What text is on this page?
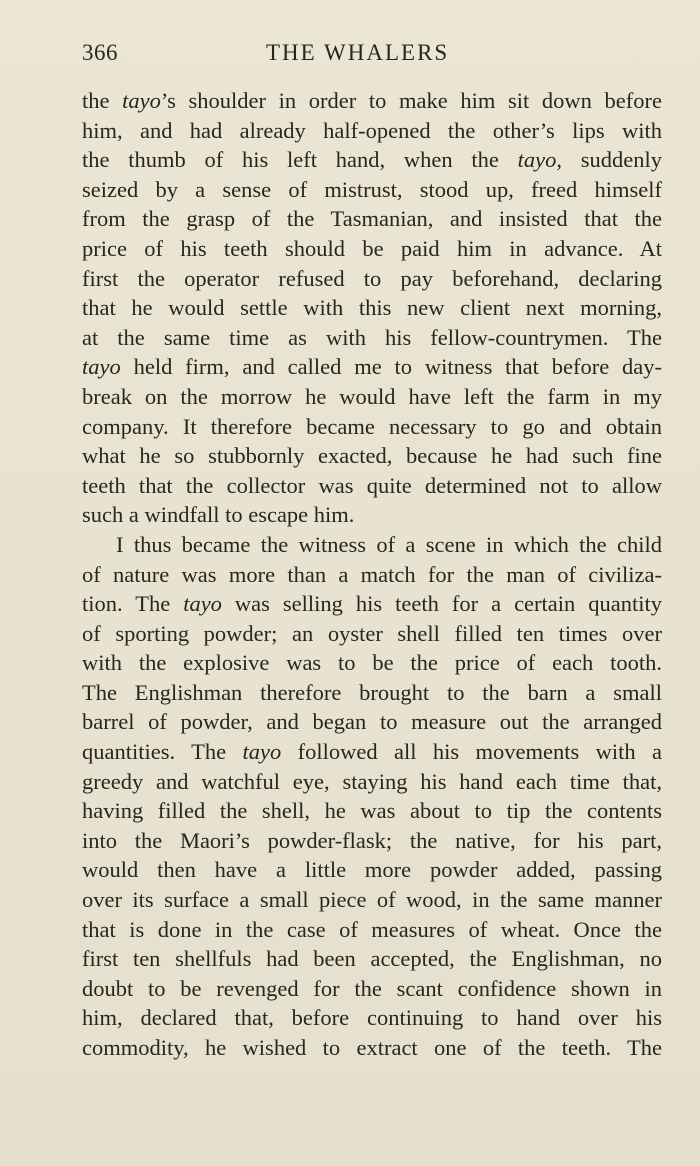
366	THE WHALERS
the tayo’s shoulder in order to make him sit down before
him, and had already half-opened the other’s lips with
the thumb of his left hand, when the tayo, suddenly
seized by a sense of mistrust, stood up, freed himself
from the grasp of the Tasmanian, and insisted that the
price of his teeth should be paid him in advance. At
first the operator refused to pay beforehand, declaring
that he would settle with this new client next morning,
at the same time as with his fellow-countrymen. The
tayo held firm, and called me to witness that before day-
break on the morrow he would have left the farm in my
company. It therefore became necessary to go and obtain
what he so stubbornly exacted, because he had such fine
teeth that the collector was quite determined not to allow
such a windfall to escape him.
I thus became the witness of a scene in which the child
of nature was more than a match for the man of civiliza-
tion. The tayo was selling his teeth for a certain quantity
of sporting powder; an oyster shell filled ten times over
with the explosive was to be the price of each tooth.
The Englishman therefore brought to the barn a small
barrel of powder, and began to measure out the arranged
quantities. The tayo followed all his movements with a
greedy and watchful eye, staying his hand each time that,
having filled the shell, he was about to tip the contents
into the Maori’s powder-flask; the native, for his part,
would then have a little more powder added, passing
over its surface a small piece of wood, in the same manner
that is done in the case of measures of wheat. Once the
first ten shellfuls had been accepted, the Englishman, no
doubt to be revenged for the scant confidence shown in
him, declared that, before continuing to hand over his
commodity, he wished to extract one of the teeth. The
